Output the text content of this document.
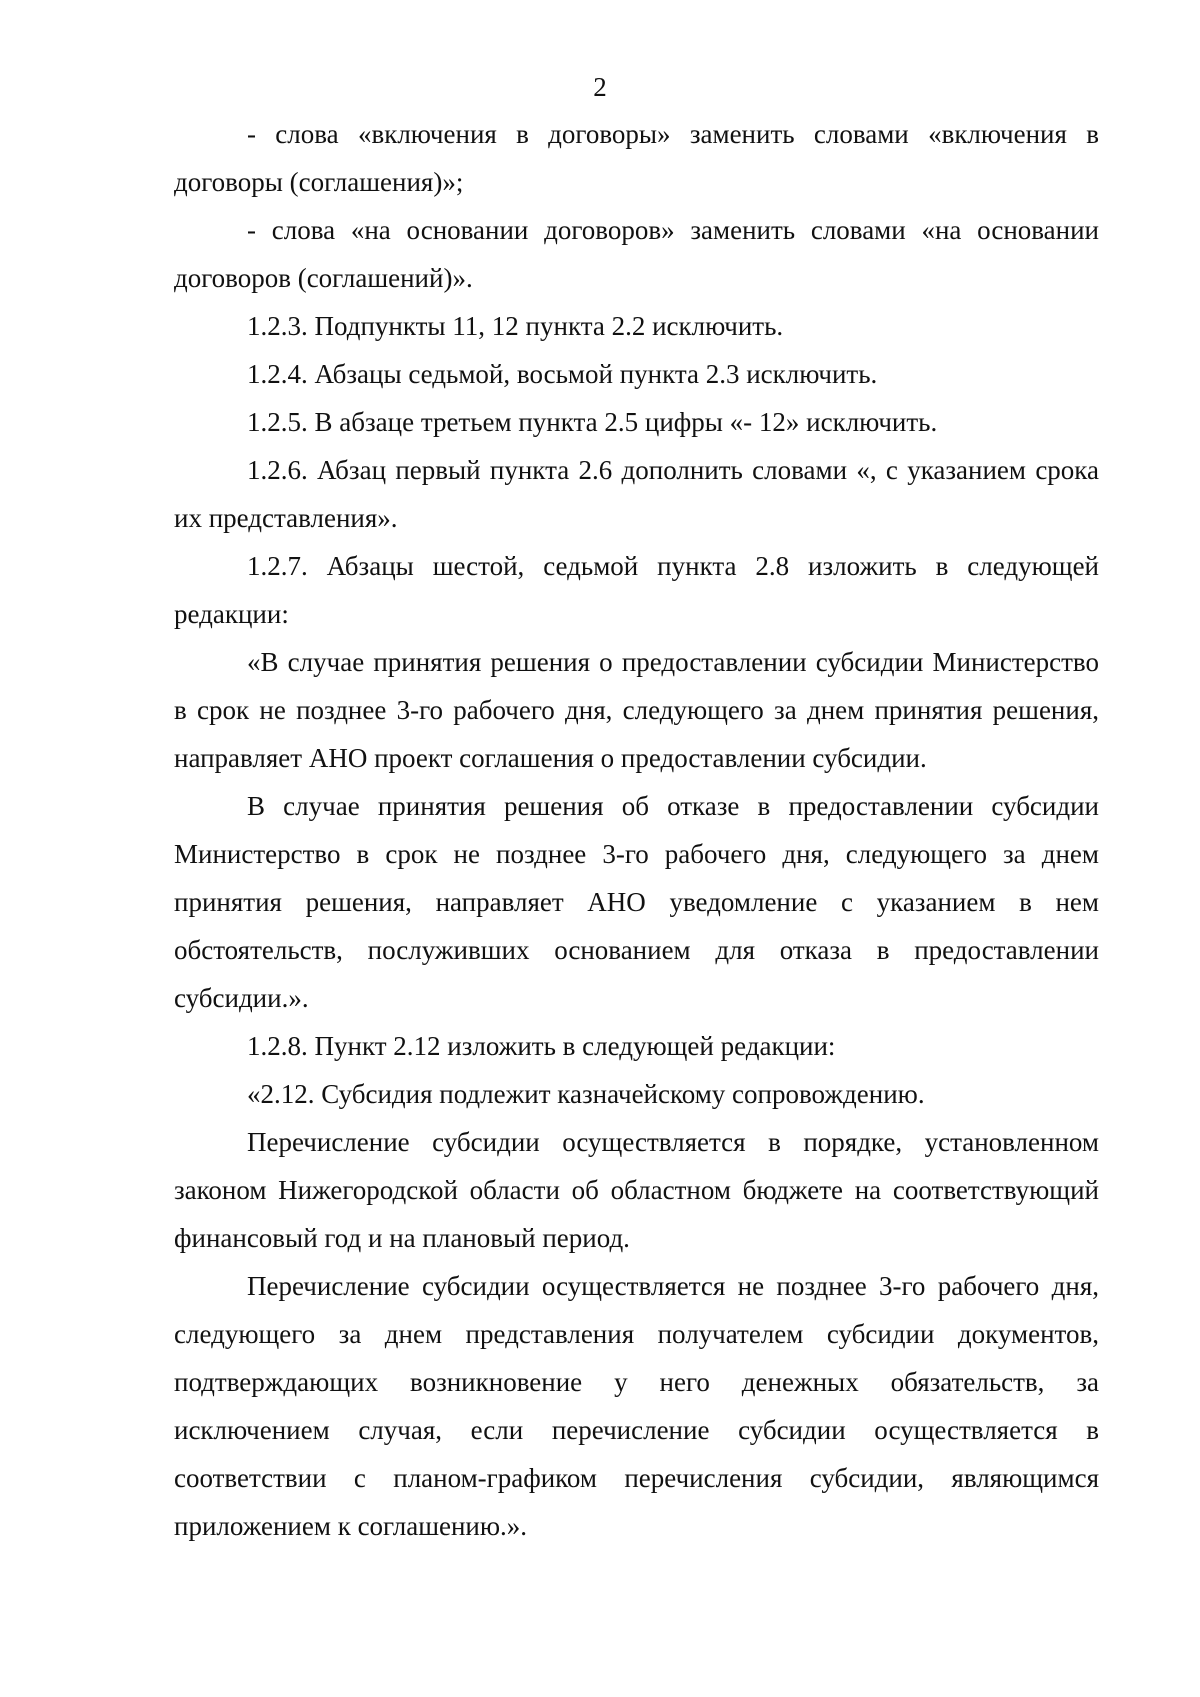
2

- слова «включения в договоры» заменить словами «включения в договоры (соглашения)»;

- слова «на основании договоров» заменить словами «на основании договоров (соглашений)».

1.2.3. Подпункты 11, 12 пункта 2.2 исключить.

1.2.4. Абзацы седьмой, восьмой пункта 2.3 исключить.

1.2.5. В абзаце третьем пункта 2.5 цифры «- 12» исключить.

1.2.6. Абзац первый пункта 2.6 дополнить словами «, с указанием срока их представления».

1.2.7. Абзацы шестой, седьмой пункта 2.8 изложить в следующей редакции:

«В случае принятия решения о предоставлении субсидии Министерство в срок не позднее 3-го рабочего дня, следующего за днем принятия решения, направляет АНО проект соглашения о предоставлении субсидии.

В случае принятия решения об отказе в предоставлении субсидии Министерство в срок не позднее 3-го рабочего дня, следующего за днем принятия решения, направляет АНО уведомление с указанием в нем обстоятельств, послуживших основанием для отказа в предоставлении субсидии.».

1.2.8. Пункт 2.12 изложить в следующей редакции:

«2.12. Субсидия подлежит казначейскому сопровождению.

Перечисление субсидии осуществляется в порядке, установленном законом Нижегородской области об областном бюджете на соответствующий финансовый год и на плановый период.

Перечисление субсидии осуществляется не позднее 3-го рабочего дня, следующего за днем представления получателем субсидии документов, подтверждающих возникновение у него денежных обязательств, за исключением случая, если перечисление субсидии осуществляется в соответствии с планом-графиком перечисления субсидии, являющимся приложением к соглашению.».
